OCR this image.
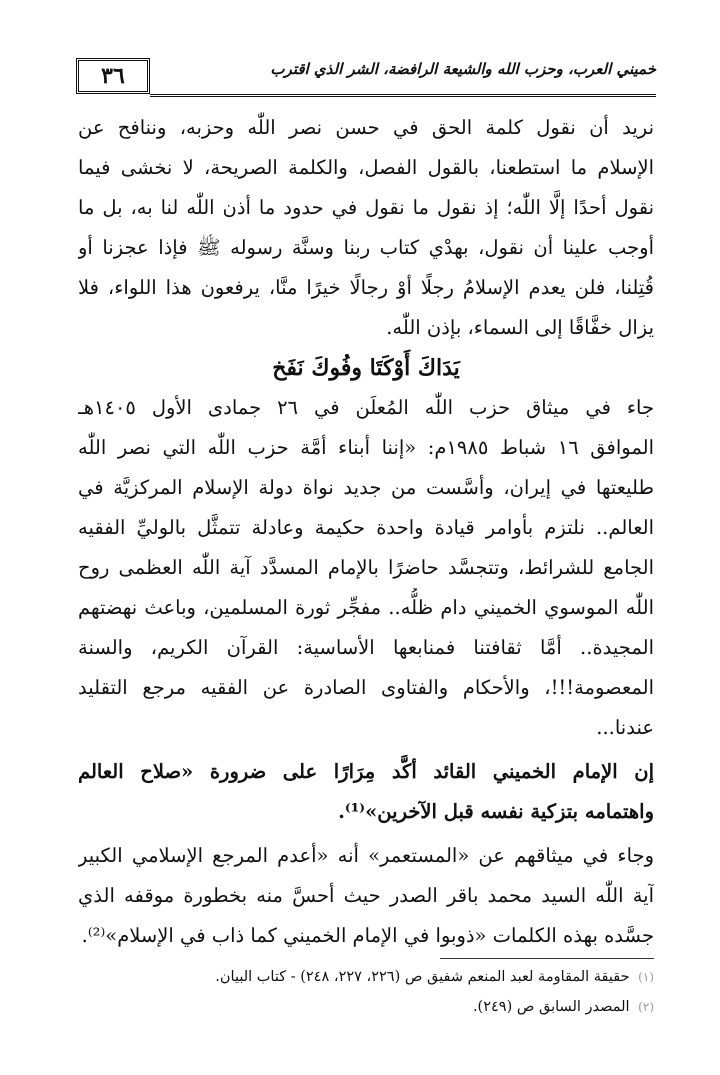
٣٦	خميني العرب، وحزب الله والشيعة الرافضة، الشر الذي اقترب
نريد أن نقول كلمة الحق في حسن نصر اللّٰه وحزبه، وننافح عن
الإسلام ما استطعنا، بالقول الفصل، والكلمة الصريحة، لا نخشى فيما
نقول أحدًا إلَّا اللّٰه؛ إذ نقول ما نقول في حدود ما أذن اللّٰه لنا به، بل ما
أوجب علينا أن نقول، بهدْي كتاب ربنا وسنَّة رسوله ﷺ فإذا عجزنا أو
قُتِلنا، فلن يعدم الإسلامُ رجلًا أوْ رجالًا خيرًا منَّا، يرفعون هذا اللواء، فلا
يزال خفَّاقًا إلى السماء، بإذن اللّٰه.
يَدَاكَ أَوْكَتَا وفُوكَ نَفَخ
جاء في ميثاق حزب اللّٰه المُعلَن في ٢٦ جمادى الأول ١٤٠٥هـ
الموافق ١٦ شباط ١٩٨٥م: «إننا أبناء أمَّة حزب اللّٰه التي نصر اللّٰه
طليعتها في إيران، وأسَّست من جديد نواة دولة الإسلام المركزيَّة في
العالم.. نلتزم بأوامر قيادة واحدة حكيمة وعادلة تتمثَّل بالوليِّ الفقيه
الجامع للشرائط، وتتجسَّد حاضرًا بالإمام المسدَّد آية اللّٰه العظمى روح
اللّٰه الموسوي الخميني دام ظلُّه.. مفجِّر ثورة المسلمين، وباعث نهضتهم
المجيدة.. أمَّا ثقافتنا فمنابعها الأساسية: القرآن الكريم، والسنة
المعصومة!!!، والأحكام والفتاوى الصادرة عن الفقيه مرجع التقليد
عندنا...
إن الإمام الخميني القائد أكَّد مِرَارًا على ضرورة «صلاح العالم
واهتمامه بتزكية نفسه قبل الآخرين»⁽¹⁾.
وجاء في ميثاقهم عن «المستعمر» أنه «أعدم المرجع الإسلامي الكبير
آية اللّٰه السيد محمد باقر الصدر حيث أحسَّ منه بخطورة موقفه الذي
جسَّده بهذه الكلمات «ذوبوا في الإمام الخميني كما ذاب في الإسلام»⁽²⁾.
(١) حقيقة المقاومة لعبد المنعم شفيق ص (٢٢٦، ٢٢٧، ٢٤٨) - كتاب البيان.
(٢) المصدر السابق ص (٢٤٩).
